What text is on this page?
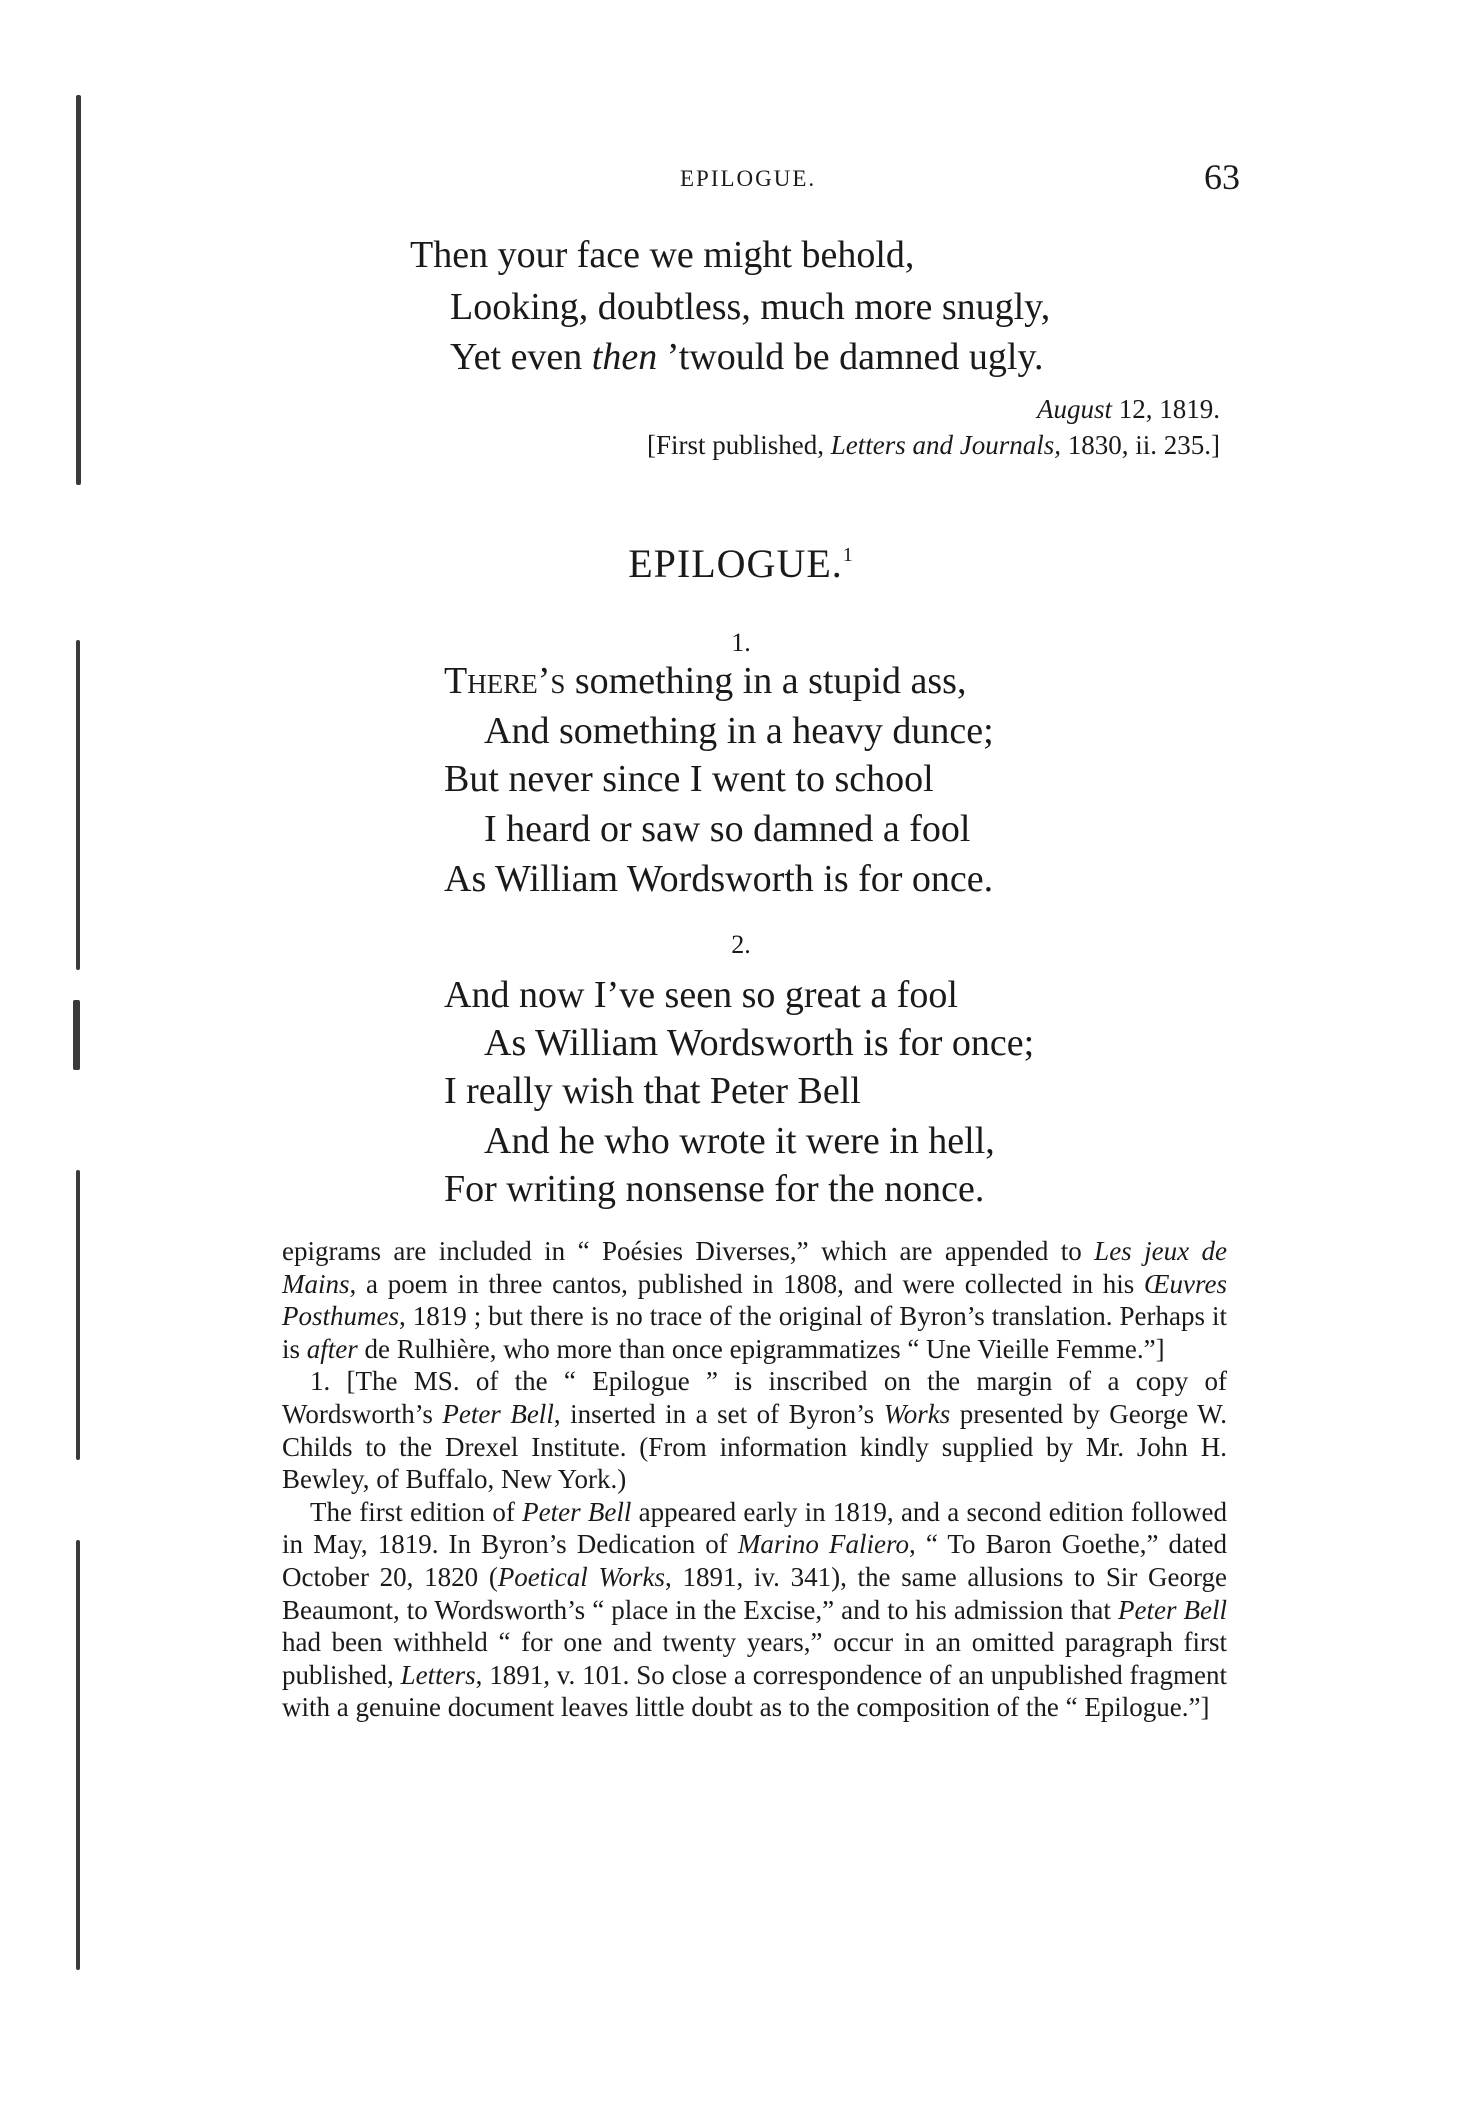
EPILOGUE.	63
Then your face we might behold,
Looking, doubtless, much more snugly,
Yet even then ’twould be damned ugly.
August 12, 1819.
[First published, Letters and Journals, 1830, ii. 235.]
EPILOGUE.$^1$
1.
There’s something in a stupid ass,
And something in a heavy dunce;
But never since I went to school
I heard or saw so damned a fool
As William Wordsworth is for once.
2.
And now I’ve seen so great a fool
As William Wordsworth is for once;
I really wish that Peter Bell
And he who wrote it were in hell,
For writing nonsense for the nonce.

epigrams are included in “ Poésies Diverses,” which are appended to Les jeux de Mains, a poem in three cantos, published in 1808, and were collected in his Œuvres Posthumes, 1819 ; but there is no trace of the original of Byron’s translation. Perhaps it is after de Rulhière, who more than once epigrammatizes “ Une Vieille Femme.”]

1. [The MS. of the “ Epilogue ” is inscribed on the margin of a copy of Wordsworth’s Peter Bell, inserted in a set of Byron’s Works presented by George W. Childs to the Drexel Institute. (From information kindly supplied by Mr. John H. Bewley, of Buffalo, New York.)

The first edition of Peter Bell appeared early in 1819, and a second edition followed in May, 1819. In Byron’s Dedication of Marino Faliero, “ To Baron Goethe,” dated October 20, 1820 (Poetical Works, 1891, iv. 341), the same allusions to Sir George Beaumont, to Wordsworth’s “ place in the Excise,” and to his admission that Peter Bell had been withheld “ for one and twenty years,” occur in an omitted paragraph first published, Letters, 1891, v. 101. So close a correspondence of an unpublished fragment with a genuine document leaves little doubt as to the composition of the “ Epilogue.”]
